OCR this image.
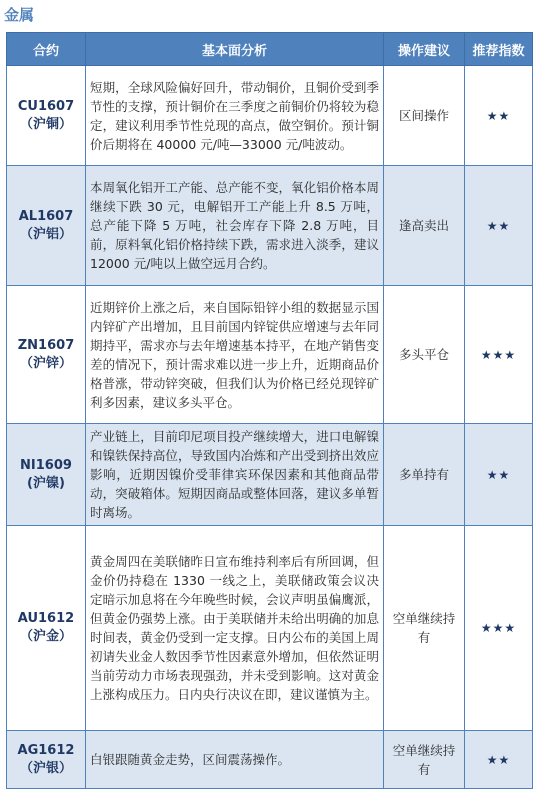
金属
合约	基本面分析	操作建议	推荐指数

CU1607
（沪铜）	短期，全球风险偏好回升，带动铜价，且铜价受到季节性的支撑，预计铜价在三季度之前铜价仍将较为稳定，建议利用季节性兑现的高点，做空铜价。预计铜价后期将在 40000 元/吨—33000 元/吨波动。	区间操作	★★

AL1607
（沪铝）	本周氧化铝开工产能、总产能不变，氧化铝价格本周继续下跌 30 元，电解铝开工产能上升 8.5 万吨，总产能下降 5 万吨，社会库存下降 2.8 万吨，目前，原料氧化铝价格持续下跌，需求进入淡季，建议 12000 元/吨以上做空远月合约。	逢高卖出	★★

ZN1607
（沪锌）	近期锌价上涨之后，来自国际铅锌小组的数据显示国内锌矿产出增加，且目前国内锌锭供应增速与去年同期持平，需求亦与去年增速基本持平，在地产销售变差的情况下，预计需求难以进一步上升，近期商品价格普涨，带动锌突破，但我们认为价格已经兑现锌矿利多因素，建议多头平仓。	多头平仓	★★★

NI1609
(沪镍)	产业链上，目前印尼项目投产继续增大，进口电解镍和镍铁保持高位，导致国内冶炼和产出受到挤出效应影响，近期因镍价受菲律宾环保因素和其他商品带动，突破箱体。短期因商品或整体回落，建议多单暂时离场。	多单持有	★★

AU1612
（沪金）	黄金周四在美联储昨日宣布维持利率后有所回调，但金价仍持稳在 1330 一线之上，美联储政策会议决定暗示加息将在今年晚些时候，会议声明虽偏鹰派，但黄金仍强势上涨。由于美联储并未给出明确的加息时间表，黄金仍受到一定支撑。日内公布的美国上周初请失业金人数因季节性因素意外增加，但依然证明当前劳动力市场表现强劲，并未受到影响。这对黄金上涨构成压力。日内央行决议在即，建议谨慎为主。	空单继续持有	★★★

AG1612
（沪银）	白银跟随黄金走势，区间震荡操作。	空单继续持有	★★
